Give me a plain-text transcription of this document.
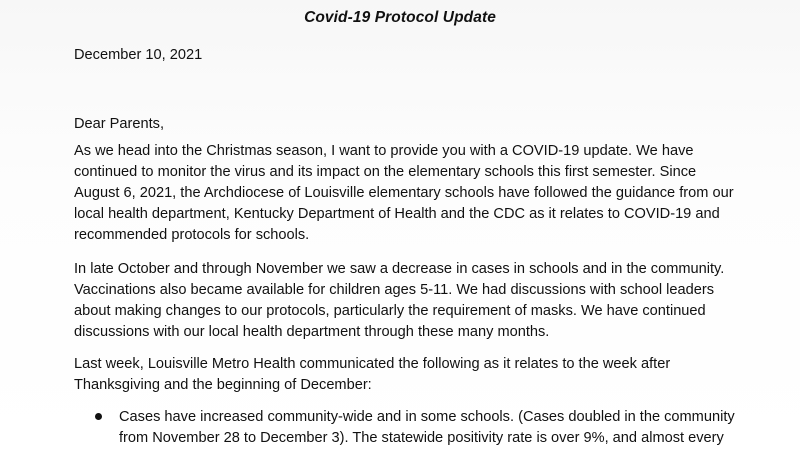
Covid-19 Protocol Update
December 10, 2021
Dear Parents,
As we head into the Christmas season, I want to provide you with a COVID-19 update. We have
continued to monitor the virus and its impact on the elementary schools this first semester. Since
August 6, 2021, the Archdiocese of Louisville elementary schools have followed the guidance from our
local health department, Kentucky Department of Health and the CDC as it relates to COVID-19 and
recommended protocols for schools.
In late October and through November we saw a decrease in cases in schools and in the community.
Vaccinations also became available for children ages 5-11. We had discussions with school leaders
about making changes to our protocols, particularly the requirement of masks. We have continued
discussions with our local health department through these many months.
Last week, Louisville Metro Health communicated the following as it relates to the week after
Thanksgiving and the beginning of December:
Cases have increased community-wide and in some schools. (Cases doubled in the community
from November 28 to December 3). The statewide positivity rate is over 9%, and almost every
